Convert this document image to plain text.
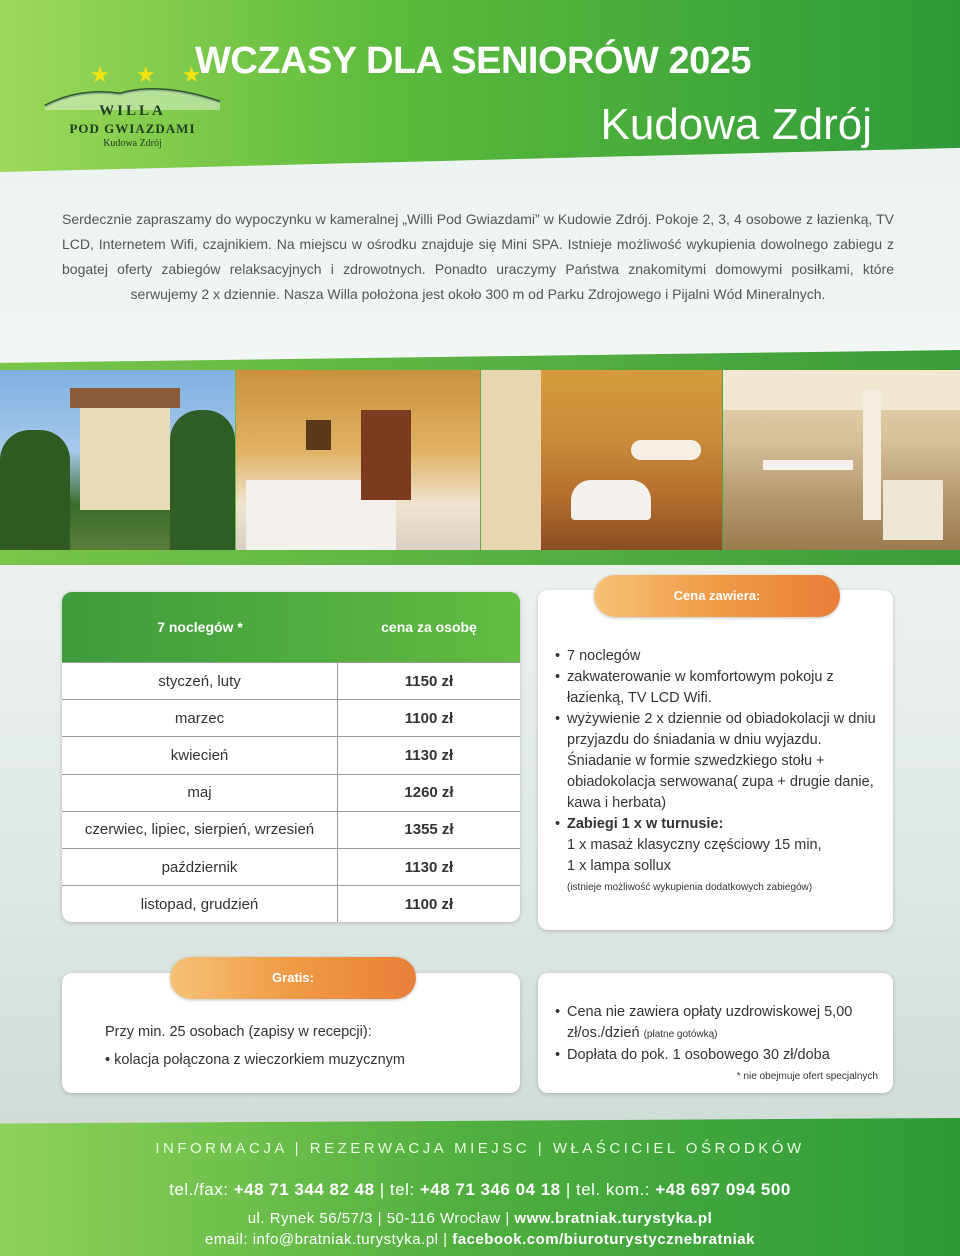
★ ★ ★
WILLA
POD GWIAZDAMI
Kudowa Zdrój
WCZASY DLA SENIORÓW 2025
Kudowa Zdrój
Serdecznie zapraszamy do wypoczynku w kameralnej „Willi Pod Gwiazdami” w Kudowie Zdrój. Pokoje 2, 3, 4 osobowe z łazienką, TV LCD, Internetem Wifi, czajnikiem. Na miejscu w ośrodku znajduje się Mini SPA. Istnieje możliwość wykupienia dowolnego zabiegu z bogatej oferty zabiegów relaksacyjnych i zdrowotnych. Ponadto uraczymy Państwa znakomitymi domowymi posiłkami, które serwujemy 2 x dziennie. Nasza Willa położona jest około 300 m od Parku Zdrojowego i Pijalni Wód Mineralnych.
7 noclegów *	cena za osobę
styczeń, luty	1150 zł
marzec	1100 zł
kwiecień	1130 zł
maj	1260 zł
czerwiec, lipiec, sierpień, wrzesień	1355 zł
październik	1130 zł
listopad, grudzień	1100 zł
Cena zawiera:
• 7 noclegów
• zakwaterowanie w komfortowym pokoju z łazienką, TV LCD Wifi.
• wyżywienie 2 x dziennie od obiadokolacji w dniu przyjazdu do śniadania w dniu wyjazdu. Śniadanie w formie szwedzkiego stołu + obiadokolacja serwowana( zupa + drugie danie, kawa i herbata)
• Zabiegi 1 x w turnusie:
1 x masaż klasyczny częściowy 15 min,
1 x lampa sollux
(istnieje możliwość wykupienia dodatkowych zabiegów)
Gratis:
Przy min. 25 osobach (zapisy w recepcji):
• kolacja połączona z wieczorkiem muzycznym
• Cena nie zawiera opłaty uzdrowiskowej 5,00 zł/os./dzień (płatne gotówką)
• Dopłata do pok. 1 osobowego 30 zł/doba
* nie obejmuje ofert specjalnych
INFORMACJA | REZERWACJA MIEJSC | WŁAŚCICIEL OŚRODKÓW
tel./fax: +48 71 344 82 48 | tel: +48 71 346 04 18 | tel. kom.: +48 697 094 500
ul. Rynek 56/57/3 | 50-116 Wrocław | www.bratniak.turystyka.pl
email: info@bratniak.turystyka.pl | facebook.com/biuroturystycznebratniak
